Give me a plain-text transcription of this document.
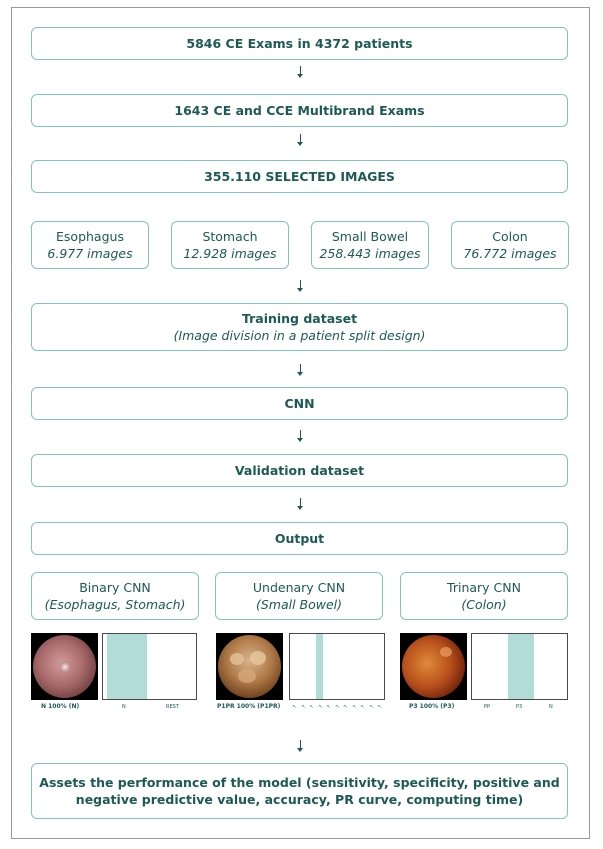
5846 CE Exams in 4372 patients
1643 CE and CCE Multibrand Exams
355.110 SELECTED IMAGES
Esophagus
6.977 images
Stomach
12.928 images
Small Bowel
258.443 images
Colon
76.772 images
Training dataset
(Image division in a patient split design)
CNN
Validation dataset
Output
Binary CNN
(Esophagus, Stomach)
Undenary CNN
(Small Bowel)
Trinary CNN
(Colon)
N	REST
N 100% (N)	P1PR 100% (P1PR) ? ? ? ? ? ? ? ? ? ? ?	PP	P3	N
P3 100% (P3)
Assets the performance of the model (sensitivity, specificity, positive and
negative predictive value, accuracy, PR curve, computing time)
